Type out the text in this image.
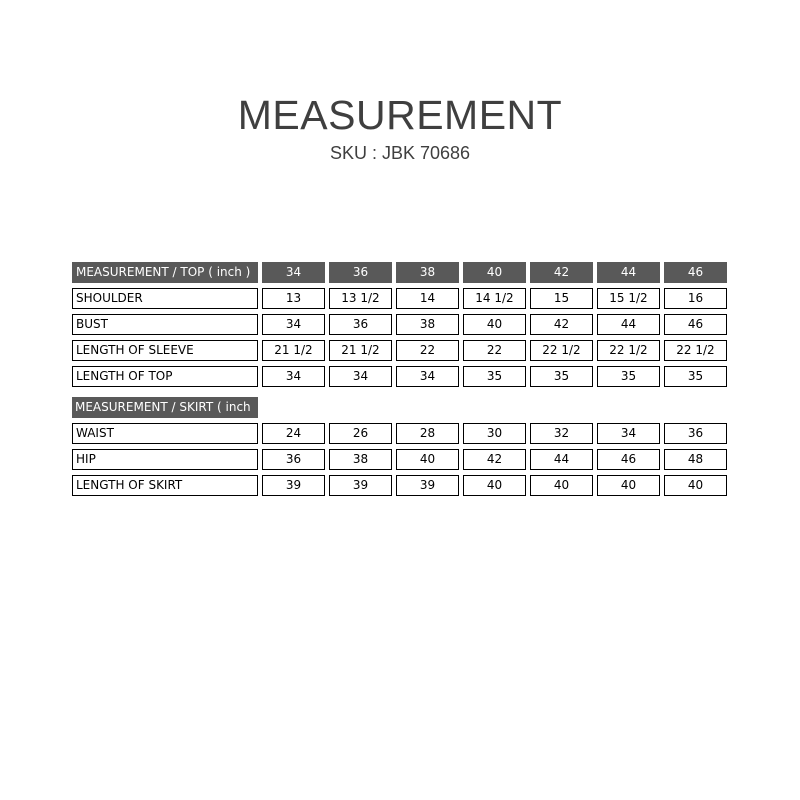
MEASUREMENT
SKU : JBK 70686
MEASUREMENT / TOP ( inch )	34	36	38	40	42	44	46
SHOULDER	13	13 1/2	14	14 1/2	15	15 1/2	16
BUST	34	36	38	40	42	44	46
LENGTH OF SLEEVE	21 1/2	21 1/2	22	22	22 1/2	22 1/2	22 1/2
LENGTH OF TOP	34	34	34	35	35	35	35
MEASUREMENT / SKIRT ( inch
WAIST	24	26	28	30	32	34	36
HIP	36	38	40	42	44	46	48
LENGTH OF SKIRT	39	39	39	40	40	40	40
